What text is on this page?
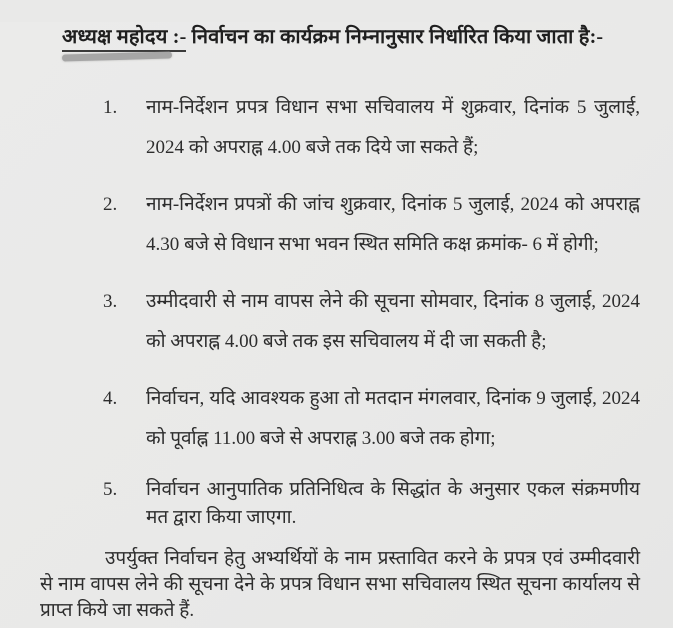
अध्यक्ष महोदय :- निर्वाचन का कार्यक्रम निम्नानुसार निर्धारित किया जाता है:-
1.	नाम-निर्देशन प्रपत्र विधान सभा सचिवालय में शुक्रवार, दिनांक 5 जुलाई, 2024 को अपराह्न 4.00 बजे तक दिये जा सकते हैं;
2.	नाम-निर्देशन प्रपत्रों की जांच शुक्रवार, दिनांक 5 जुलाई, 2024 को अपराह्न 4.30 बजे से विधान सभा भवन स्थित समिति कक्ष क्रमांक- 6 में होगी;
3.	उम्मीदवारी से नाम वापस लेने की सूचना सोमवार, दिनांक 8 जुलाई, 2024 को अपराह्न 4.00 बजे तक इस सचिवालय में दी जा सकती है;
4.	निर्वाचन, यदि आवश्यक हुआ तो मतदान मंगलवार, दिनांक 9 जुलाई, 2024 को पूर्वाह्न 11.00 बजे से अपराह्न 3.00 बजे तक होगा;
5.	निर्वाचन आनुपातिक प्रतिनिधित्व के सिद्धांत के अनुसार एकल संक्रमणीय मत द्वारा किया जाएगा.

उपर्युक्त निर्वाचन हेतु अभ्यर्थियों के नाम प्रस्तावित करने के प्रपत्र एवं उम्मीदवारी से नाम वापस लेने की सूचना देने के प्रपत्र विधान सभा सचिवालय स्थित सूचना कार्यालय से प्राप्त किये जा सकते हैं.
